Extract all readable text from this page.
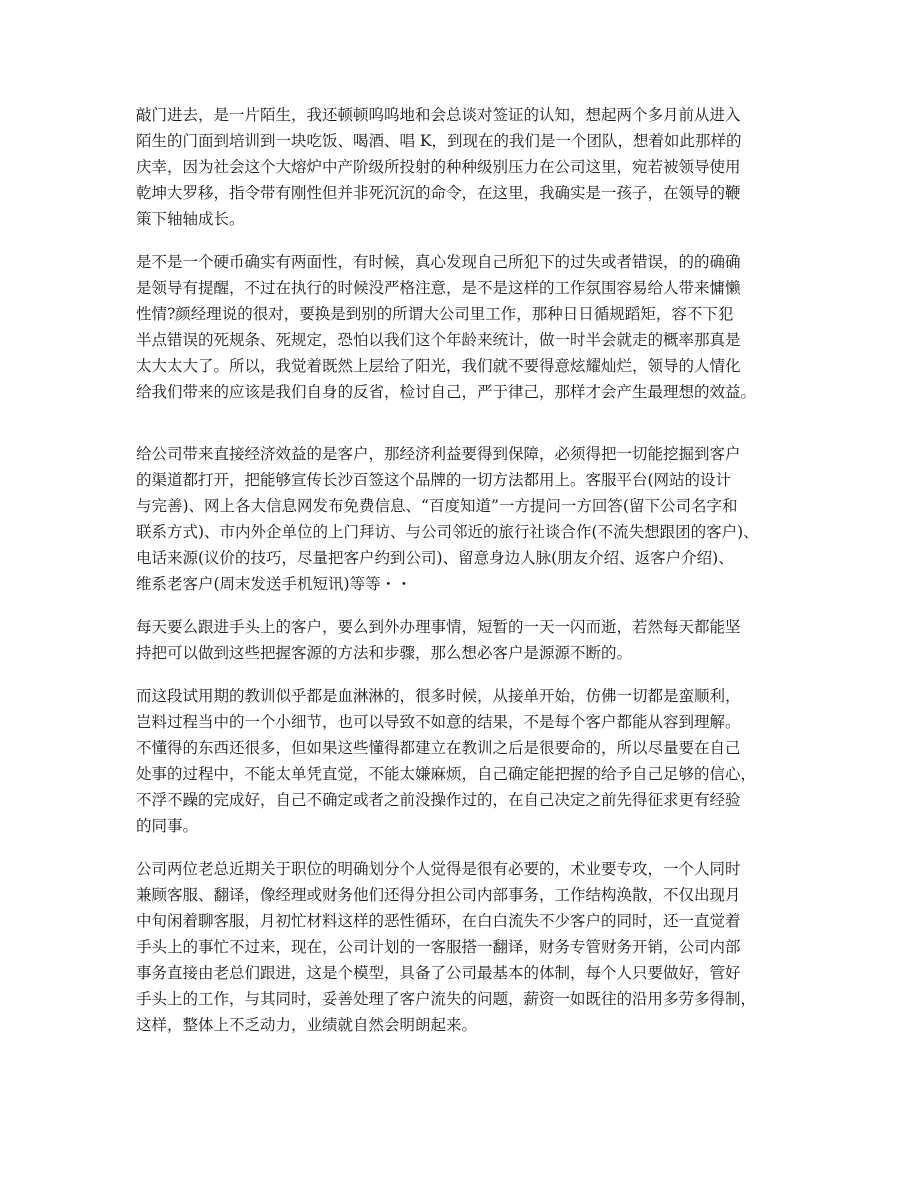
敲门进去，是一片陌生，我还顿顿呜呜地和会总谈对签证的认知，想起两个多月前从进入
陌生的门面到培训到一块吃饭、喝酒、唱 K，到现在的我们是一个团队，想着如此那样的
庆幸，因为社会这个大熔炉中产阶级所投射的种种级别压力在公司这里，宛若被领导使用
乾坤大罗移，指令带有刚性但并非死沉沉的命令，在这里，我确实是一孩子，在领导的鞭
策下轴轴成长。
是不是一个硬币确实有两面性，有时候，真心发现自己所犯下的过失或者错误，的的确确
是领导有提醒，不过在执行的时候没严格注意，是不是这样的工作氛围容易给人带来慵懒
性情?颜经理说的很对，要换是到别的所谓大公司里工作，那种日日循规蹈矩，容不下犯
半点错误的死规条、死规定，恐怕以我们这个年龄来统计，做一时半会就走的概率那真是
太大太大了。所以，我觉着既然上层给了阳光，我们就不要得意炫耀灿烂，领导的人情化
给我们带来的应该是我们自身的反省，检讨自己，严于律己，那样才会产生最理想的效益。
给公司带来直接经济效益的是客户，那经济利益要得到保障，必须得把一切能挖掘到客户
的渠道都打开，把能够宣传长沙百签这个品牌的一切方法都用上。客服平台(网站的设计
与完善)、网上各大信息网发布免费信息、“百度知道”一方提问一方回答(留下公司名字和
联系方式)、市内外企单位的上门拜访、与公司邻近的旅行社谈合作(不流失想跟团的客户)、
电话来源(议价的技巧，尽量把客户约到公司)、留意身边人脉(朋友介绍、返客户介绍)、
维系老客户(周末发送手机短讯)等等・・
每天要么跟进手头上的客户，要么到外办理事情，短暂的一天一闪而逝，若然每天都能坚
持把可以做到这些把握客源的方法和步骤，那么想必客户是源源不断的。
而这段试用期的教训似乎都是血淋淋的，很多时候，从接单开始，仿佛一切都是蛮顺利，
岂料过程当中的一个小细节，也可以导致不如意的结果，不是每个客户都能从容到理解。
不懂得的东西还很多，但如果这些懂得都建立在教训之后是很要命的，所以尽量要在自己
处事的过程中，不能太单凭直觉，不能太嫌麻烦，自己确定能把握的给予自己足够的信心，
不浮不躁的完成好，自己不确定或者之前没操作过的，在自己决定之前先得征求更有经验
的同事。
公司两位老总近期关于职位的明确划分个人觉得是很有必要的，术业要专攻，一个人同时
兼顾客服、翻译，像经理或财务他们还得分担公司内部事务，工作结构涣散，不仅出现月
中旬闲着聊客服，月初忙材料这样的恶性循环，在白白流失不少客户的同时，还一直觉着
手头上的事忙不过来，现在，公司计划的一客服搭一翻译，财务专管财务开销，公司内部
事务直接由老总们跟进，这是个模型，具备了公司最基本的体制，每个人只要做好，管好
手头上的工作，与其同时，妥善处理了客户流失的问题，薪资一如既往的沿用多劳多得制，
这样，整体上不乏动力，业绩就自然会明朗起来。
